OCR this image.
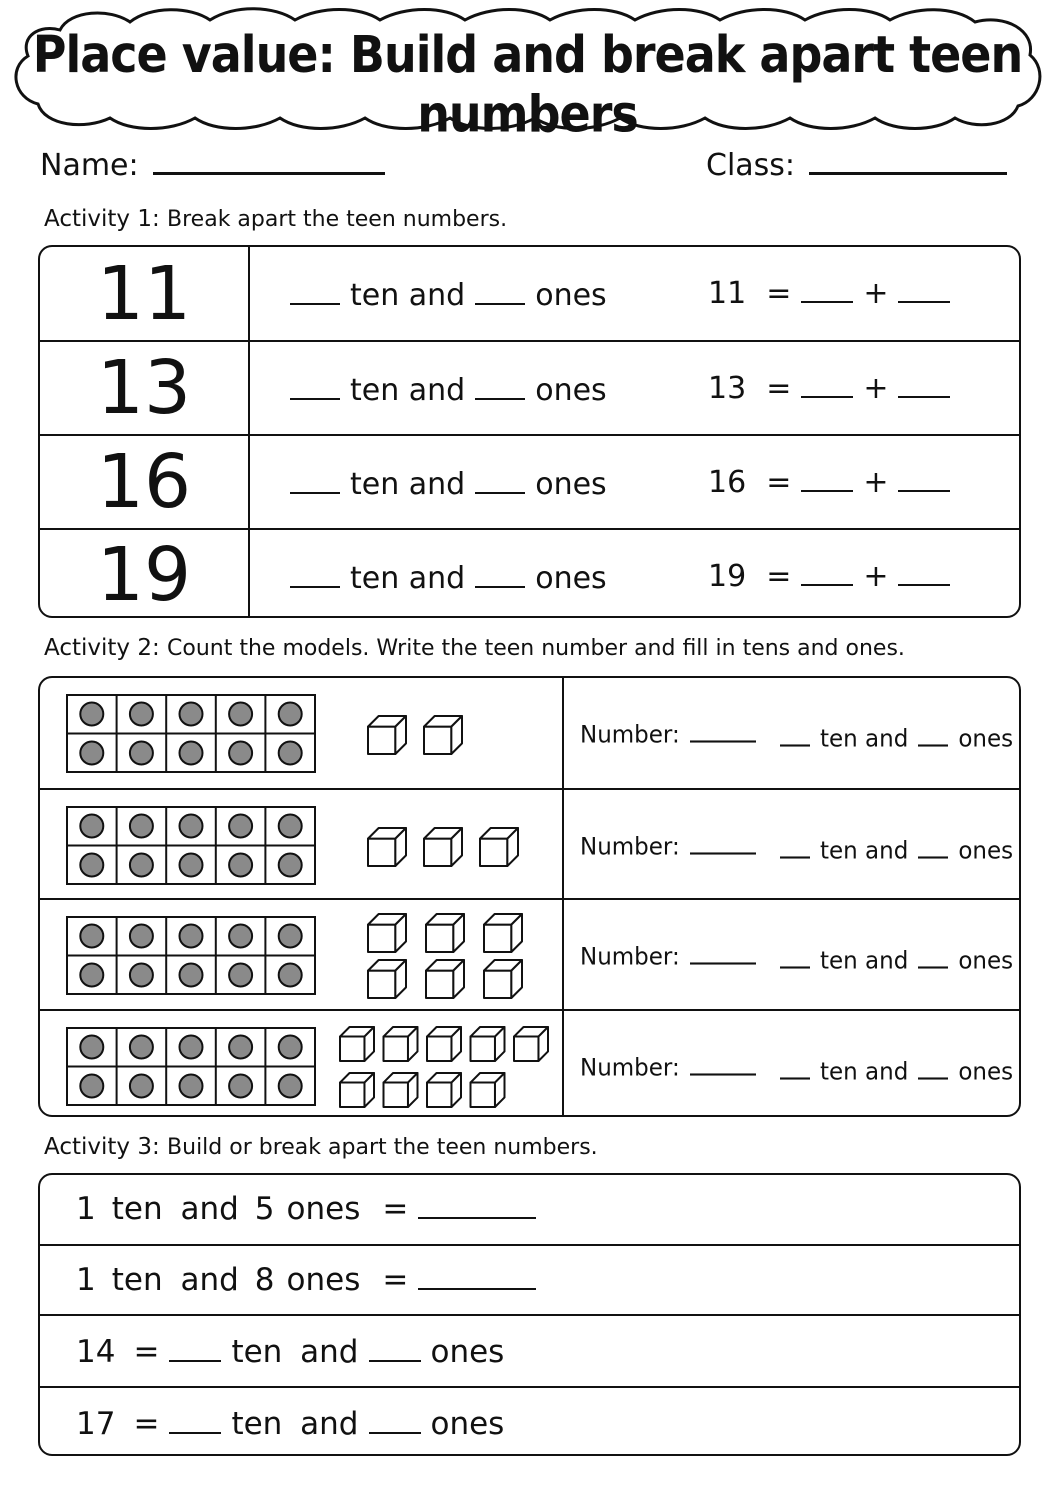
Place value: Build and break apart teen numbers
Name:	Class:
Activity 1: Break apart the teen numbers.
11	ten and ones	11 = +
13	ten and ones	13 = +
16	ten and ones	16 = +
19	ten and ones	19 = +
Activity 2: Count the models. Write the teen number and fill in tens and ones.
Number:	ten and ones
Number:	ten and ones
Number:	ten and ones
Number:	ten and ones
Activity 3: Build or break apart the teen numbers.
1 ten and 5 ones =
1 ten and 8 ones =
14 = ten and ones
17 = ten and ones
